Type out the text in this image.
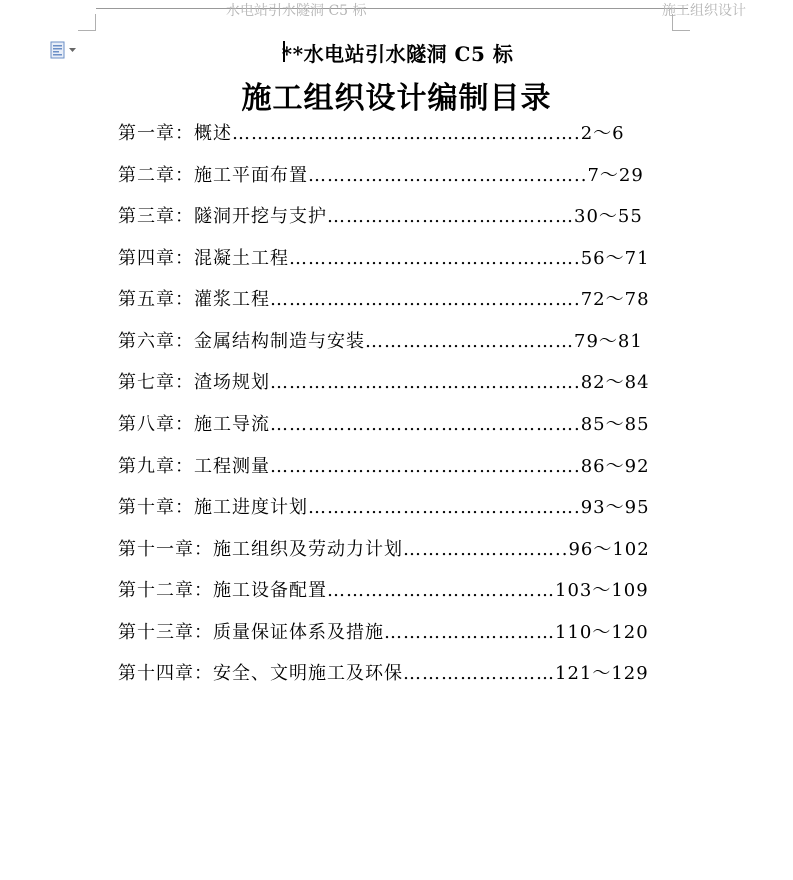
水电站引水隧洞 C5 标	施工组织设计
**水电站引水隧洞 C5 标
施工组织设计编制目录
第一章：概述……………………………………………….2～6
第二章：施工平面布置……………………………………..7～29
第三章：隧洞开挖与支护…………………………………30～55
第四章：混凝土工程……………………………………….56～71
第五章：灌浆工程………………………………………….72～78
第六章：金属结构制造与安装……………………………79～81
第七章：渣场规划………………………………………….82～84
第八章：施工导流………………………………………….85～85
第九章：工程测量………………………………………….86～92
第十章：施工进度计划…………………………………….93～95
第十一章：施工组织及劳动力计划……………………..96～102
第十二章：施工设备配置………………………………103～109
第十三章：质量保证体系及措施………………………110～120
第十四章：安全、文明施工及环保……………………121～129
